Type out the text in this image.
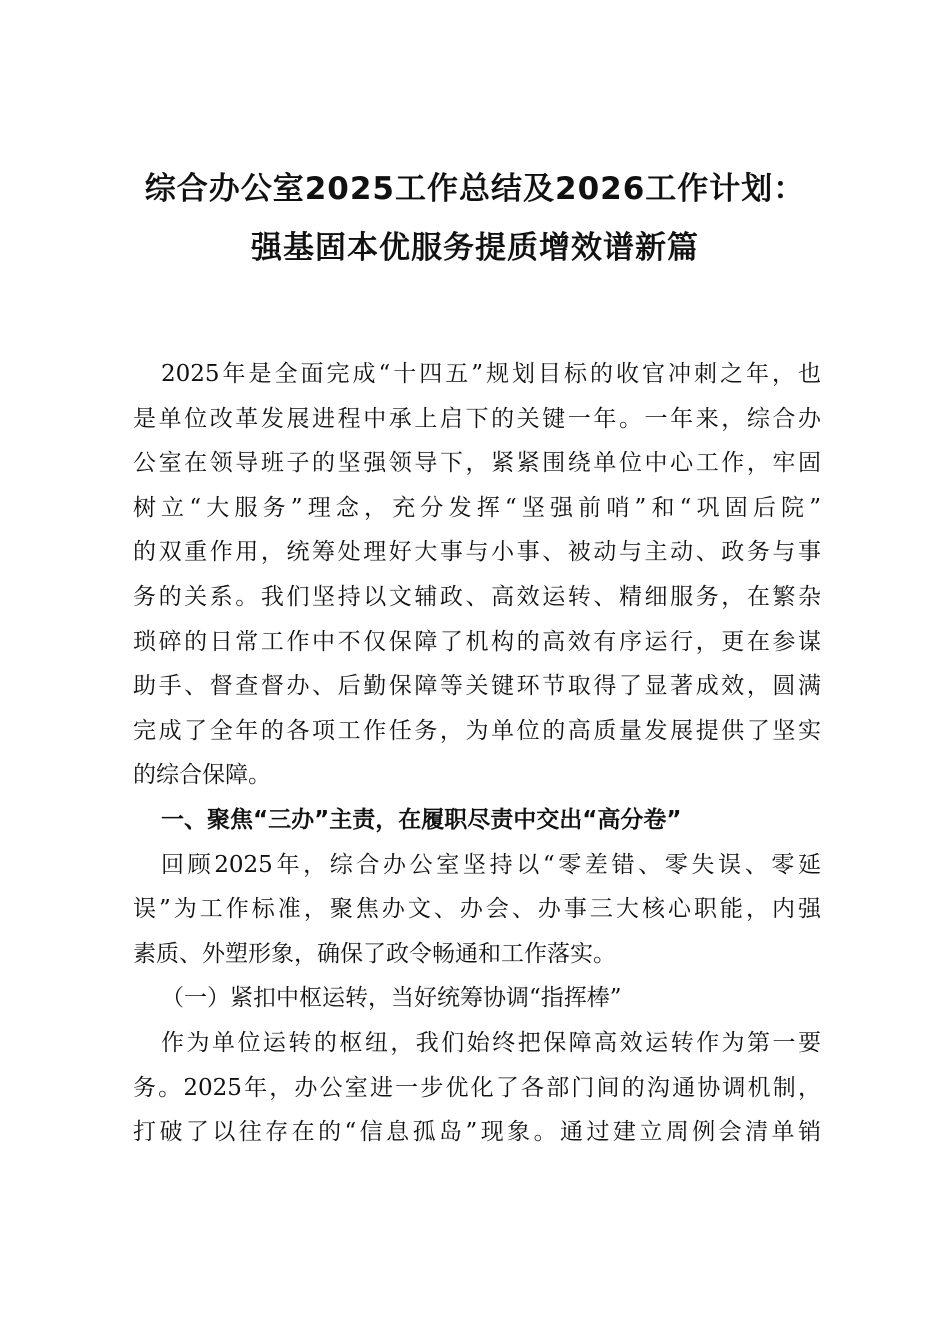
综合办公室2025工作总结及2026工作计划：
强基固本优服务提质增效谱新篇
2025年是全面完成“十四五”规划目标的收官冲刺之年，也
是单位改革发展进程中承上启下的关键一年。一年来，综合办
公室在领导班子的坚强领导下，紧紧围绕单位中心工作，牢固
树立“大服务”理念，充分发挥“坚强前哨”和“巩固后院”
的双重作用，统筹处理好大事与小事、被动与主动、政务与事
务的关系。我们坚持以文辅政、高效运转、精细服务，在繁杂
琐碎的日常工作中不仅保障了机构的高效有序运行，更在参谋
助手、督查督办、后勤保障等关键环节取得了显著成效，圆满
完成了全年的各项工作任务，为单位的高质量发展提供了坚实
的综合保障。
一、聚焦“三办”主责，在履职尽责中交出“高分卷”
回顾2025年，综合办公室坚持以“零差错、零失误、零延
误”为工作标准，聚焦办文、办会、办事三大核心职能，内强
素质、外塑形象，确保了政令畅通和工作落实。
（一）紧扣中枢运转，当好统筹协调“指挥棒”
作为单位运转的枢纽，我们始终把保障高效运转作为第一要
务。2025年，办公室进一步优化了各部门间的沟通协调机制，
打破了以往存在的“信息孤岛”现象。通过建立周例会清单销
